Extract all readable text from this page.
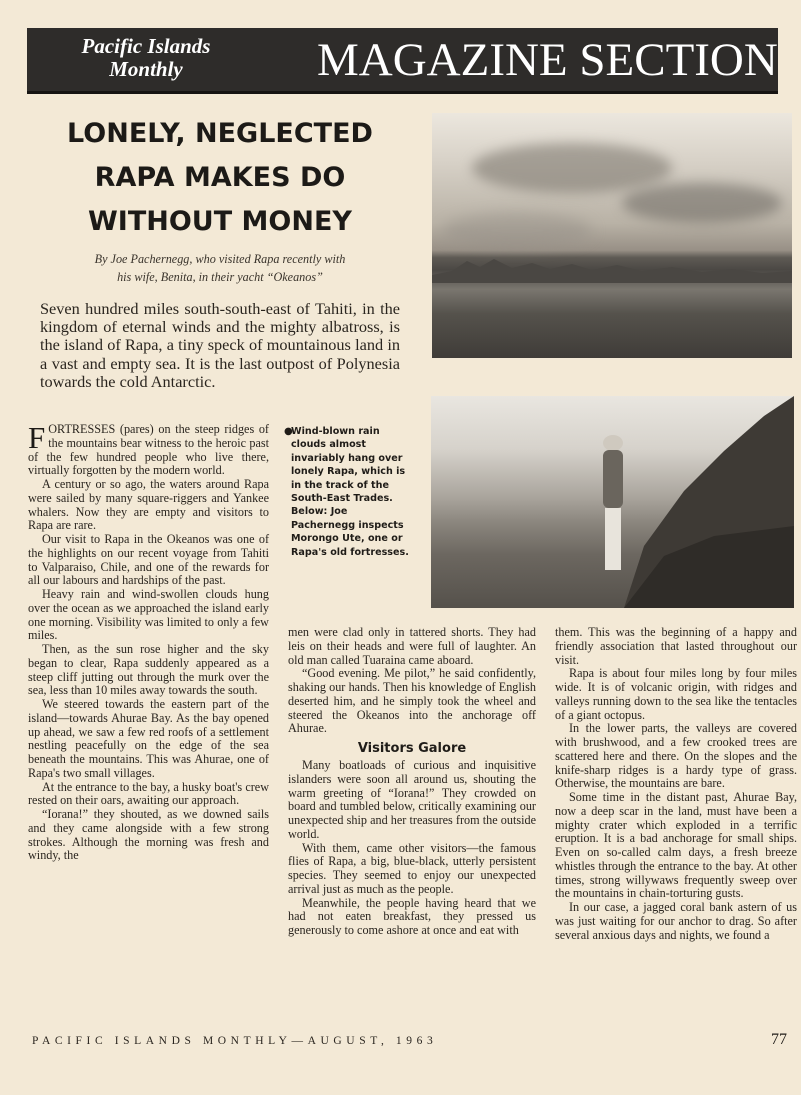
Pacific Islands
Monthly	MAGAZINE SECTION
LONELY, NEGLECTED
RAPA MAKES DO
WITHOUT MONEY
By Joe Pachernegg, who visited Rapa recently with
his wife, Benita, in their yacht “Okeanos”
Seven hundred miles south-south-east of Tahiti, in the kingdom of eternal winds and the mighty albatross, is the island of Rapa, a tiny speck of mountainous land in a vast and empty sea. It is the last outpost of Polynesia towards the cold Antarctic.
●
Wind-blown rain clouds almost invariably hang over lonely Rapa, which is in the track of the South-East Trades. Below: Joe Pachernegg inspects Morongo Ute, one or Rapa's old fortresses.

FORTRESSES (pares) on the steep ridges of the mountains bear witness to the heroic past of the few hundred people who live there, virtually forgotten by the modern world.

A century or so ago, the waters around Rapa were sailed by many square-riggers and Yankee whalers. Now they are empty and visitors to Rapa are rare.

Our visit to Rapa in the Okeanos was one of the highlights on our recent voyage from Tahiti to Valparaiso, Chile, and one of the rewards for all our labours and hardships of the past.

Heavy rain and wind-swollen clouds hung over the ocean as we approached the island early one morning. Visibility was limited to only a few miles.

Then, as the sun rose higher and the sky began to clear, Rapa suddenly appeared as a steep cliff jutting out through the murk over the sea, less than 10 miles away towards the south.

We steered towards the eastern part of the island—towards Ahurae Bay. As the bay opened up ahead, we saw a few red roofs of a settlement nestling peacefully on the edge of the sea beneath the mountains. This was Ahurae, one of Rapa's two small villages.

At the entrance to the bay, a husky boat's crew rested on their oars, awaiting our approach.

“Iorana!” they shouted, as we downed sails and they came alongside with a few strong strokes. Although the morning was fresh and windy, the

men were clad only in tattered shorts. They had leis on their heads and were full of laughter. An old man called Tuaraina came aboard.

“Good evening. Me pilot,” he said confidently, shaking our hands. Then his knowledge of English deserted him, and he simply took the wheel and steered the Okeanos into the anchorage off Ahurae.

Visitors Galore

Many boatloads of curious and inquisitive islanders were soon all around us, shouting the warm greeting of “Iorana!” They crowded on board and tumbled below, critically examining our unexpected ship and her treasures from the outside world.

With them, came other visitors—the famous flies of Rapa, a big, blue-black, utterly persistent species. They seemed to enjoy our unexpected arrival just as much as the people.

Meanwhile, the people having heard that we had not eaten breakfast, they pressed us generously to come ashore at once and eat with

them. This was the beginning of a happy and friendly association that lasted throughout our visit.

Rapa is about four miles long by four miles wide. It is of volcanic origin, with ridges and valleys running down to the sea like the tentacles of a giant octopus.

In the lower parts, the valleys are covered with brushwood, and a few crooked trees are scattered here and there. On the slopes and the knife-sharp ridges is a hardy type of grass. Otherwise, the mountains are bare.

Some time in the distant past, Ahurae Bay, now a deep scar in the land, must have been a mighty crater which exploded in a terrific eruption. It is a bad anchorage for small ships. Even on so-called calm days, a fresh breeze whistles through the entrance to the bay. At other times, strong willywaws frequently sweep over the mountains in chain-torturing gusts.

In our case, a jagged coral bank astern of us was just waiting for our anchor to drag. So after several anxious days and nights, we found a

PACIFIC ISLANDS MONTHLY—AUGUST, 1963	77
